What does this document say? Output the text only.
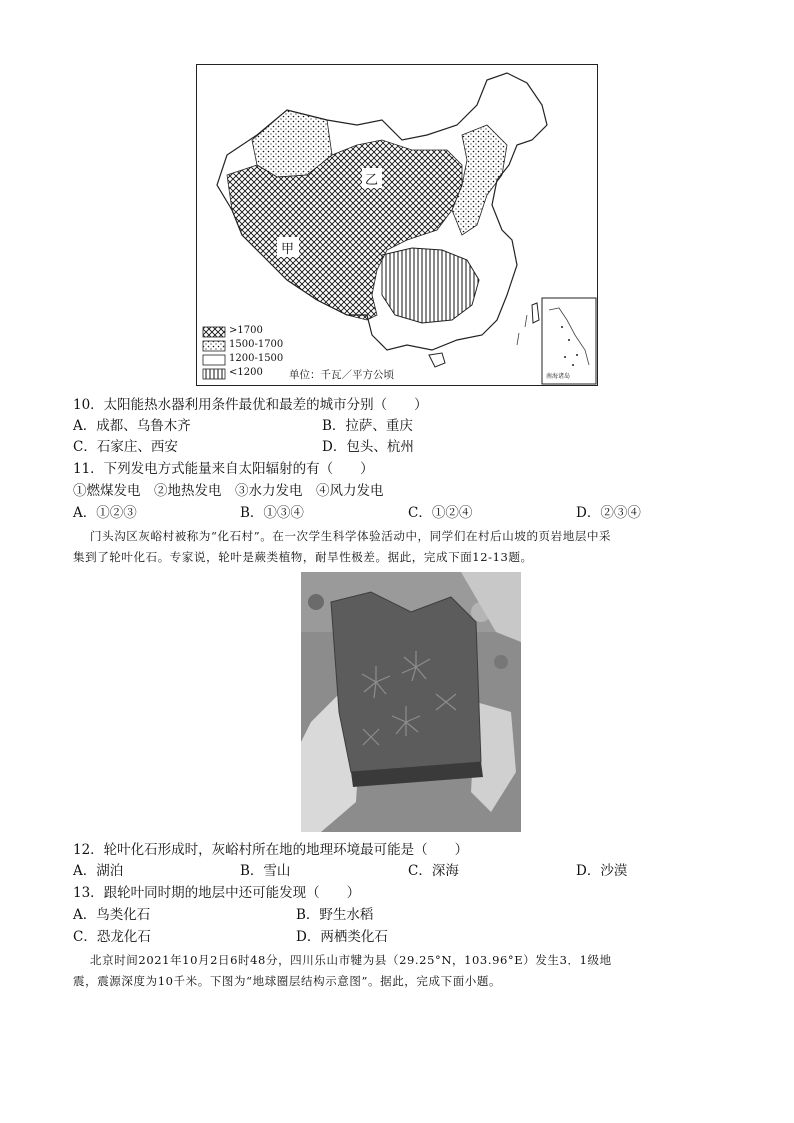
甲
乙
>1700
1500-1700
1200-1500
<1200 单位：千瓦／平方公顷	南海诸岛
10．太阳能热水器利用条件最优和最差的城市分别（　　）
A．成都、乌鲁木齐	B．拉萨、重庆
C．石家庄、西安	D．包头、杭州
11．下列发电方式能量来自太阳辐射的有（　　）
①燃煤发电　②地热发电　③水力发电　④风力发电
A．①②③	B．①③④	C．①②④	D．②③④
门头沟区灰峪村被称为“化石村”。在一次学生科学体验活动中，同学们在村后山坡的页岩地层中采
集到了轮叶化石。专家说，轮叶是蕨类植物，耐旱性极差。据此，完成下面12-13题。
12．轮叶化石形成时，灰峪村所在地的地理环境最可能是（　　）
A．湖泊	B．雪山	C．深海	D．沙漠
13．跟轮叶同时期的地层中还可能发现（　　）
A．鸟类化石	B．野生水稻
C．恐龙化石	D．两栖类化石
北京时间2021年10月2日6时48分，四川乐山市犍为县（29.25°N，103.96°E）发生3．1级地
震，震源深度为10千米。下图为“地球圈层结构示意图”。据此，完成下面小题。
